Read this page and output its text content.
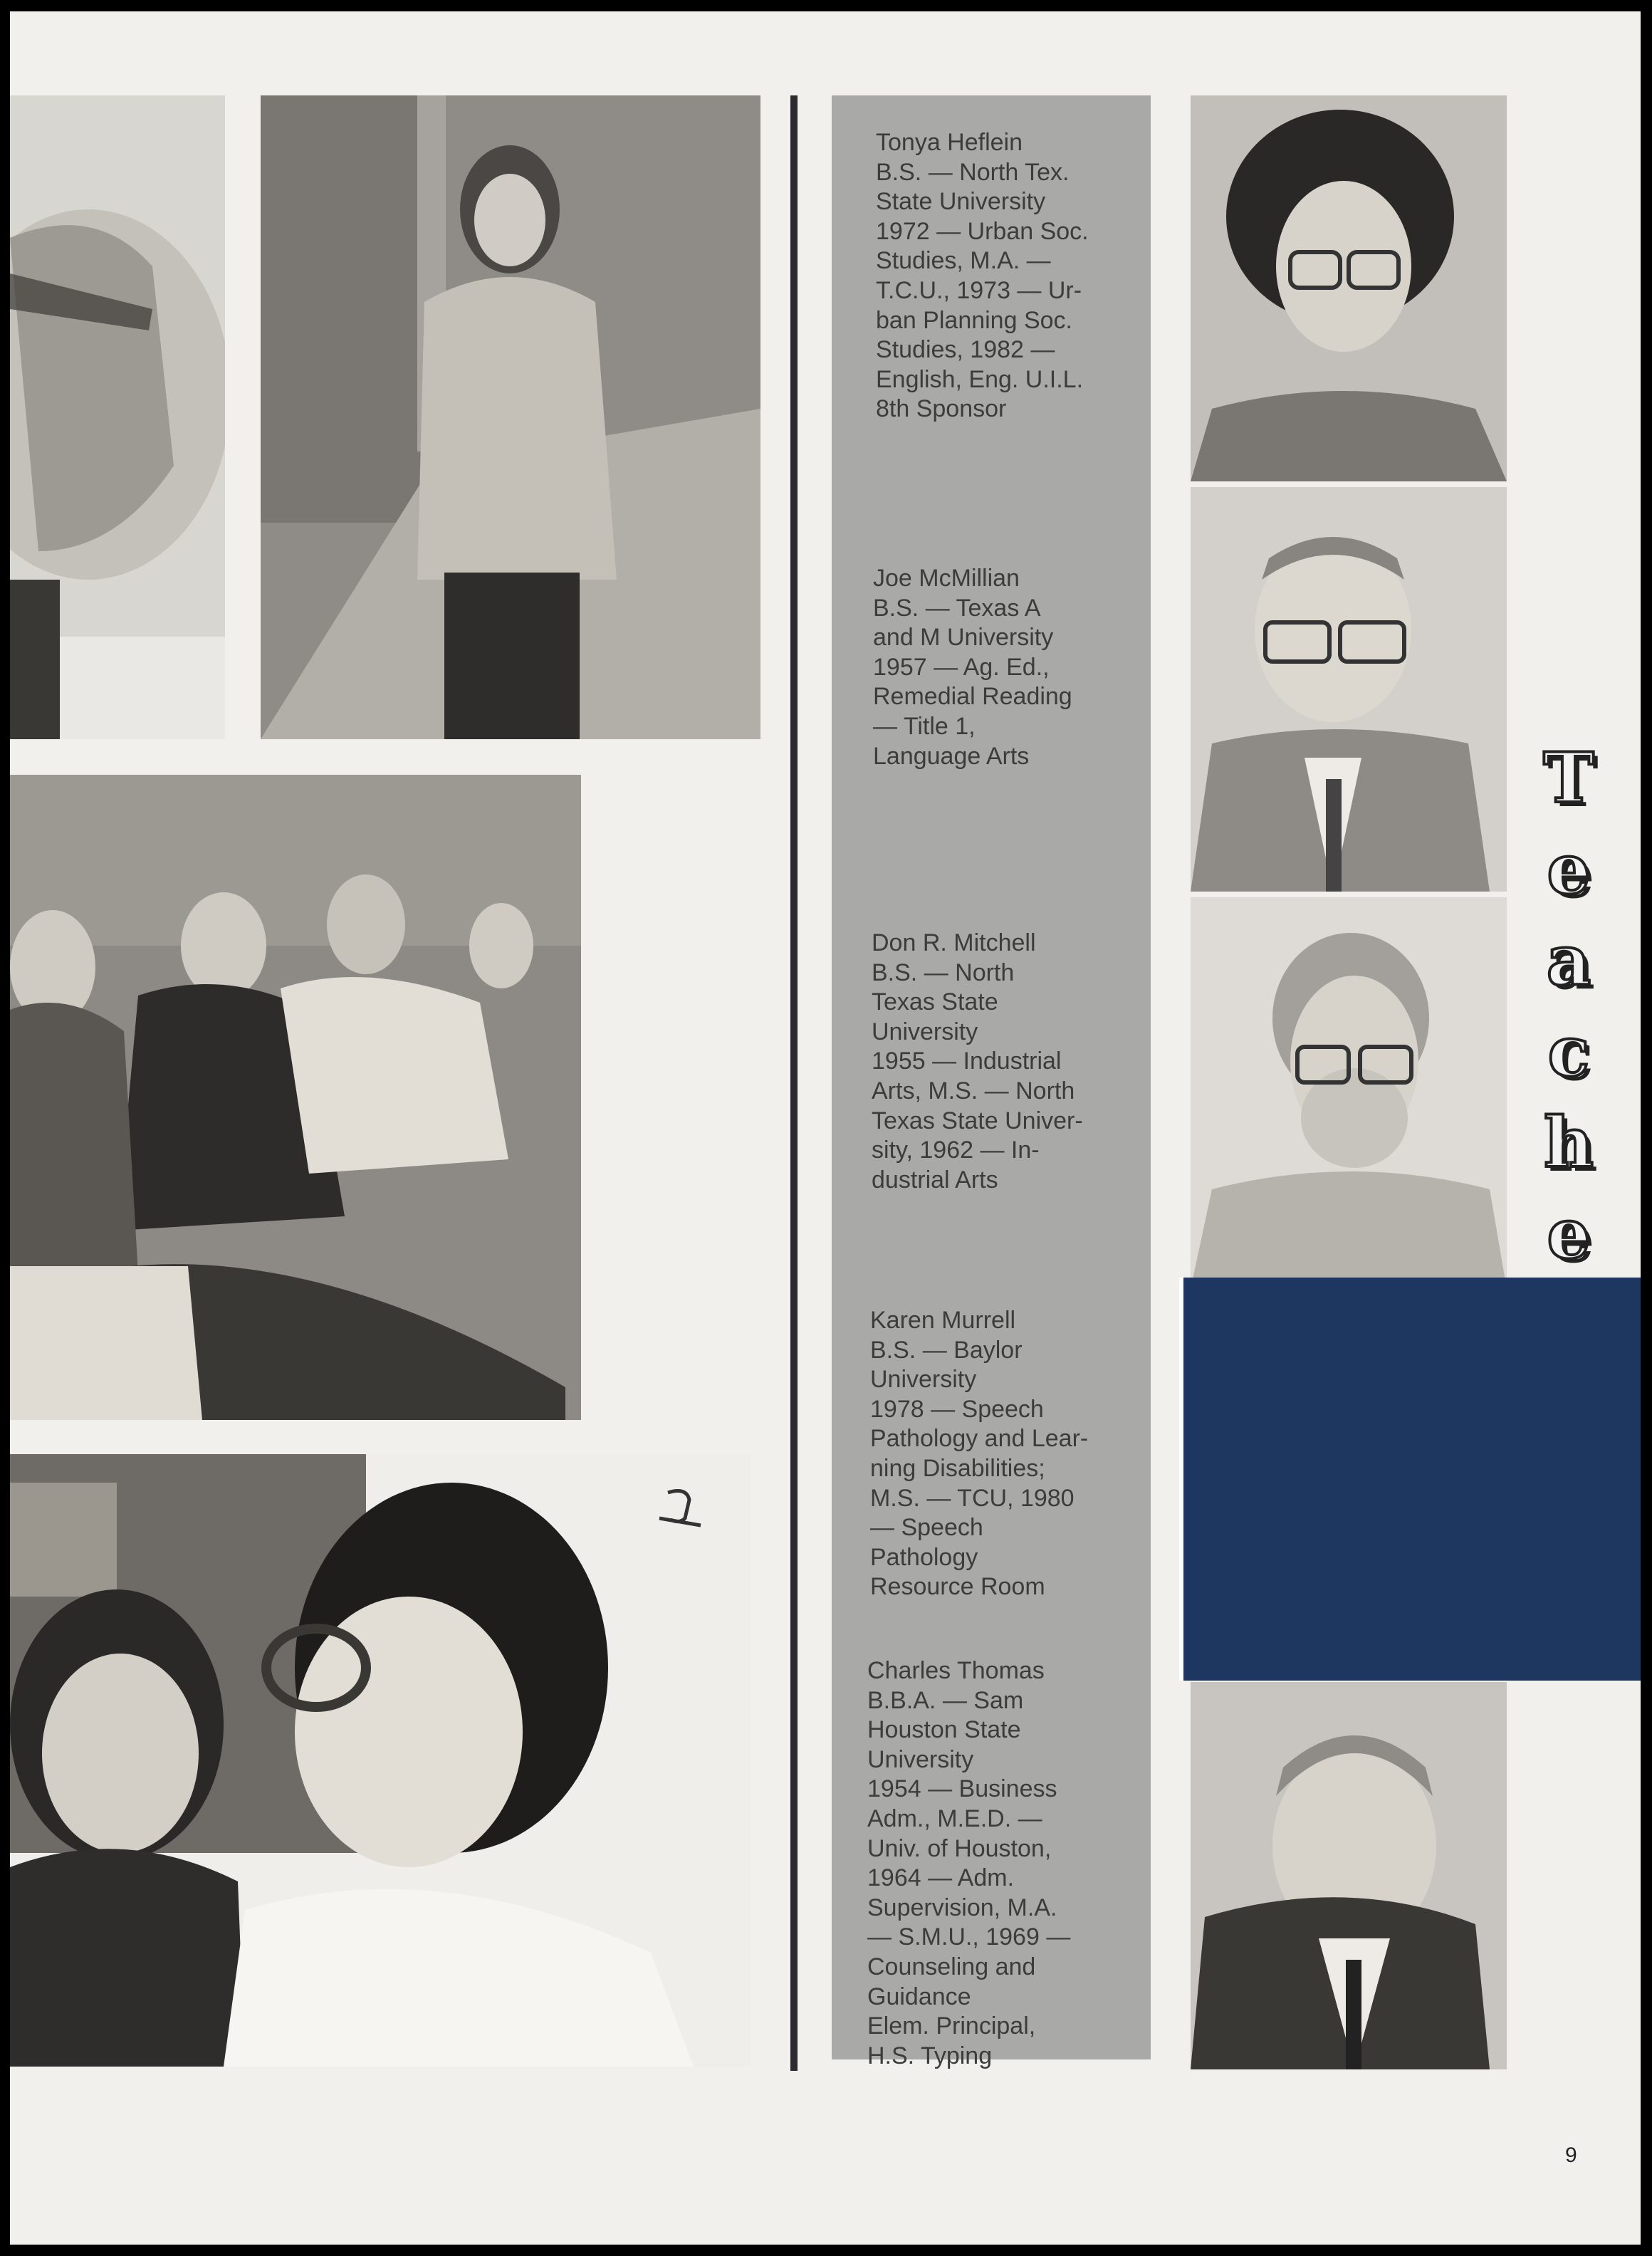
Tonya Heflein
B.S. — North Tex.
State University
1972 — Urban Soc.
Studies, M.A. —
T.C.U., 1973 — Ur-
ban Planning Soc.
Studies, 1982 —
English, Eng. U.I.L.
8th Sponsor
Joe McMillian
B.S. — Texas A
and M University
1957 — Ag. Ed.,
Remedial Reading
— Title 1,
Language Arts
Don R. Mitchell
B.S. — North
Texas State
University
1955 — Industrial
Arts, M.S. — North
Texas State Univer-
sity, 1962 — In-
dustrial Arts
Karen Murrell
B.S. — Baylor
University
1978 — Speech
Pathology and Lear-
ning Disabilities;
M.S. — TCU, 1980
— Speech
Pathology
Resource Room
Charles Thomas
B.B.A. — Sam
Houston State
University
1954 — Business
Adm., M.E.D. —
Univ. of Houston,
1964 — Adm.
Supervision, M.A.
— S.M.U., 1969 —
Counseling and
Guidance
Elem. Principal,
H.S. Typing
T
e
a
c
h
e
9
